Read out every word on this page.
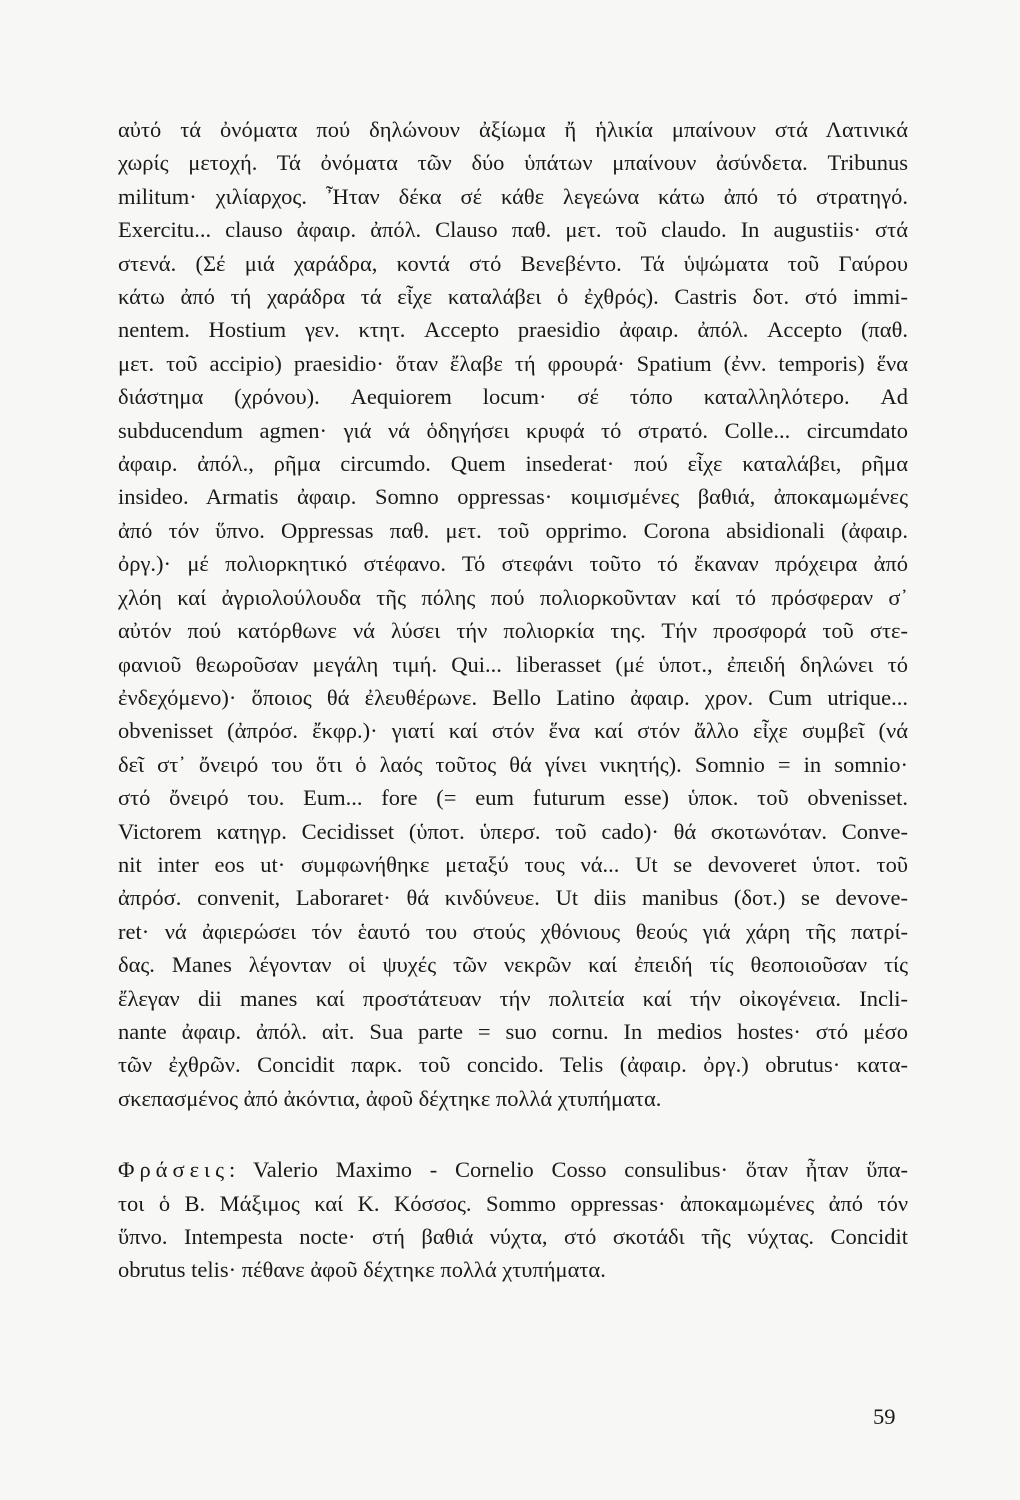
αὐτό τά ὀνόματα πού δηλώνουν ἀξίωμα ἤ ἡλικία μπαίνουν στά Λατινικά
χωρίς μετοχή. Τά ὀνόματα τῶν δύο ὑπάτων μπαίνουν ἀσύνδετα. Tribunus
militum· χιλίαρχος. Ἦταν δέκα σέ κάθε λεγεώνα κάτω ἀπό τό στρατηγό.
Exercitu... clauso ἀφαιρ. ἀπόλ. Clauso παθ. μετ. τοῦ claudo. In augustiis· στά
στενά. (Σέ μιά χαράδρα, κοντά στό Βενεβέντο. Τά ὑψώματα τοῦ Γαύρου
κάτω ἀπό τή χαράδρα τά εἶχε καταλάβει ὁ ἐχθρός). Castris δοτ. στό immi-
nentem. Hostium γεν. κτητ. Accepto praesidio ἀφαιρ. ἀπόλ. Accepto (παθ.
μετ. τοῦ accipio) praesidio· ὅταν ἔλαβε τή φρουρά· Spatium (ἐνν. temporis) ἕνα
διάστημα (χρόνου). Aequiorem locum· σέ τόπο καταλληλότερο. Ad
subducendum agmen· γιά νά ὁδηγήσει κρυφά τό στρατό. Colle... circumdato
ἀφαιρ. ἀπόλ., ρῆμα circumdo. Quem insederat· πού εἶχε καταλάβει, ρῆμα
insideo. Armatis ἀφαιρ. Somno oppressas· κοιμισμένες βαθιά, ἀποκαμωμένες
ἀπό τόν ὕπνο. Oppressas παθ. μετ. τοῦ opprimo. Corona absidionali (ἀφαιρ.
ὀργ.)· μέ πολιορκητικό στέφανο. Τό στεφάνι τοῦτο τό ἔκαναν πρόχειρα ἀπό
χλόη καί ἀγριολούλουδα τῆς πόλης πού πολιορκοῦνταν καί τό πρόσφεραν σ᾽
αὐτόν πού κατόρθωνε νά λύσει τήν πολιορκία της. Τήν προσφορά τοῦ στε-
φανιοῦ θεωροῦσαν μεγάλη τιμή. Qui... liberasset (μέ ὑποτ., ἐπειδή δηλώνει τό
ἐνδεχόμενο)· ὅποιος θά ἐλευθέρωνε. Bello Latino ἀφαιρ. χρον. Cum utrique...
obvenisset (ἀπρόσ. ἔκφρ.)· γιατί καί στόν ἕνα καί στόν ἄλλο εἶχε συμβεῖ (νά
δεῖ στ᾽ ὄνειρό του ὅτι ὁ λαός τοῦτος θά γίνει νικητής). Somnio = in somnio·
στό ὄνειρό του. Eum... fore (= eum futurum esse) ὑποκ. τοῦ obvenisset.
Victorem κατηγρ. Cecidisset (ὑποτ. ὑπερσ. τοῦ cado)· θά σκοτωνόταν. Conve-
nit inter eos ut· συμφωνήθηκε μεταξύ τους νά... Ut se devoveret ὑποτ. τοῦ
ἀπρόσ. convenit, Laboraret· θά κινδύνευε. Ut diis manibus (δοτ.) se devove-
ret· νά ἀφιερώσει τόν ἑαυτό του στούς χθόνιους θεούς γιά χάρη τῆς πατρί-
δας. Manes λέγονταν οἱ ψυχές τῶν νεκρῶν καί ἐπειδή τίς θεοποιοῦσαν τίς
ἔλεγαν dii manes καί προστάτευαν τήν πολιτεία καί τήν οἰκογένεια. Incli-
nante ἀφαιρ. ἀπόλ. αἰτ. Sua parte = suo cornu. In medios hostes· στό μέσο
τῶν ἐχθρῶν. Concidit παρκ. τοῦ concido. Telis (ἀφαιρ. ὀργ.) obrutus· κατα-
σκεπασμένος ἀπό ἀκόντια, ἀφοῦ δέχτηκε πολλά χτυπήματα.
Φράσεις: Valerio Maximo - Cornelio Cosso consulibus· ὅταν ἦταν ὕπα-
τοι ὁ Β. Μάξιμος καί Κ. Κόσσος. Sommo oppressas· ἀποκαμωμένες ἀπό τόν
ὕπνο. Intempesta nocte· στή βαθιά νύχτα, στό σκοτάδι τῆς νύχτας. Concidit
obrutus telis· πέθανε ἀφοῦ δέχτηκε πολλά χτυπήματα.
59
